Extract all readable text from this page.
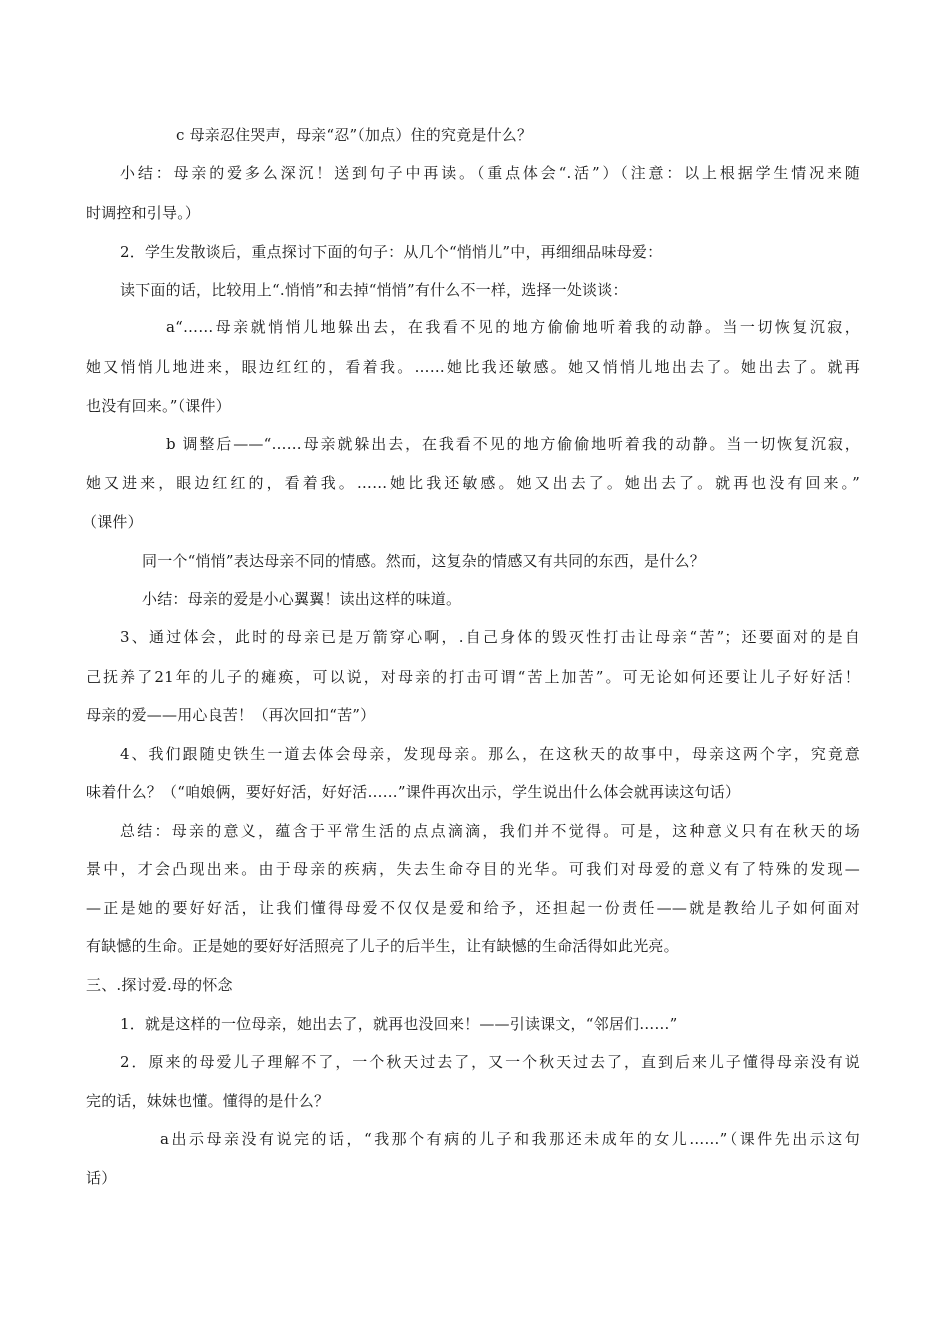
c 母亲忍住哭声，母亲“忍”（加点）住的究竟是什么？
小结：母亲的爱多么深沉！送到句子中再读。（重点体会“.活”）（注意：以上根据学生情况来随
时调控和引导。）
2．学生发散谈后，重点探讨下面的句子：从几个“悄悄儿”中，再细细品味母爱：
读下面的话，比较用上“.悄悄”和去掉“悄悄”有什么不一样，选择一处谈谈：
a“……母亲就悄悄儿地躲出去，在我看不见的地方偷偷地听着我的动静。当一切恢复沉寂，
她又悄悄儿地进来，眼边红红的，看着我。……她比我还敏感。她又悄悄儿地出去了。她出去了。就再
也没有回来。”（课件）
b 调整后——“……母亲就躲出去，在我看不见的地方偷偷地听着我的动静。当一切恢复沉寂，
她又进来，眼边红红的，看着我。……她比我还敏感。她又出去了。她出去了。就再也没有回来。”
（课件）
同一个“悄悄”表达母亲不同的情感。然而，这复杂的情感又有共同的东西，是什么？
小结：母亲的爱是小心翼翼！读出这样的味道。
3、通过体会，此时的母亲已是万箭穿心啊，.自己身体的毁灭性打击让母亲“苦”；还要面对的是自
己抚养了21年的儿子的瘫痪，可以说，对母亲的打击可谓“苦上加苦”。可无论如何还要让儿子好好活！
母亲的爱——用心良苦！（再次回扣“苦”）
4、我们跟随史铁生一道去体会母亲，发现母亲。那么，在这秋天的故事中，母亲这两个字，究竟意
味着什么？（“咱娘俩，要好好活，好好活……”课件再次出示，学生说出什么体会就再读这句话）
总结：母亲的意义，蕴含于平常生活的点点滴滴，我们并不觉得。可是，这种意义只有在秋天的场
景中，才会凸现出来。由于母亲的疾病，失去生命夺目的光华。可我们对母爱的意义有了特殊的发现—
—正是她的要好好活，让我们懂得母爱不仅仅是爱和给予，还担起一份责任——就是教给儿子如何面对
有缺憾的生命。正是她的要好好活照亮了儿子的后半生，让有缺憾的生命活得如此光亮。
三、.探讨爱.母的怀念
1．就是这样的一位母亲，她出去了，就再也没回来！——引读课文，“邻居们……”
2．原来的母爱儿子理解不了，一个秋天过去了，又一个秋天过去了，直到后来儿子懂得母亲没有说
完的话，妹妹也懂。懂得的是什么？
a出示母亲没有说完的话，“我那个有病的儿子和我那还未成年的女儿……”（课件先出示这句
话）
